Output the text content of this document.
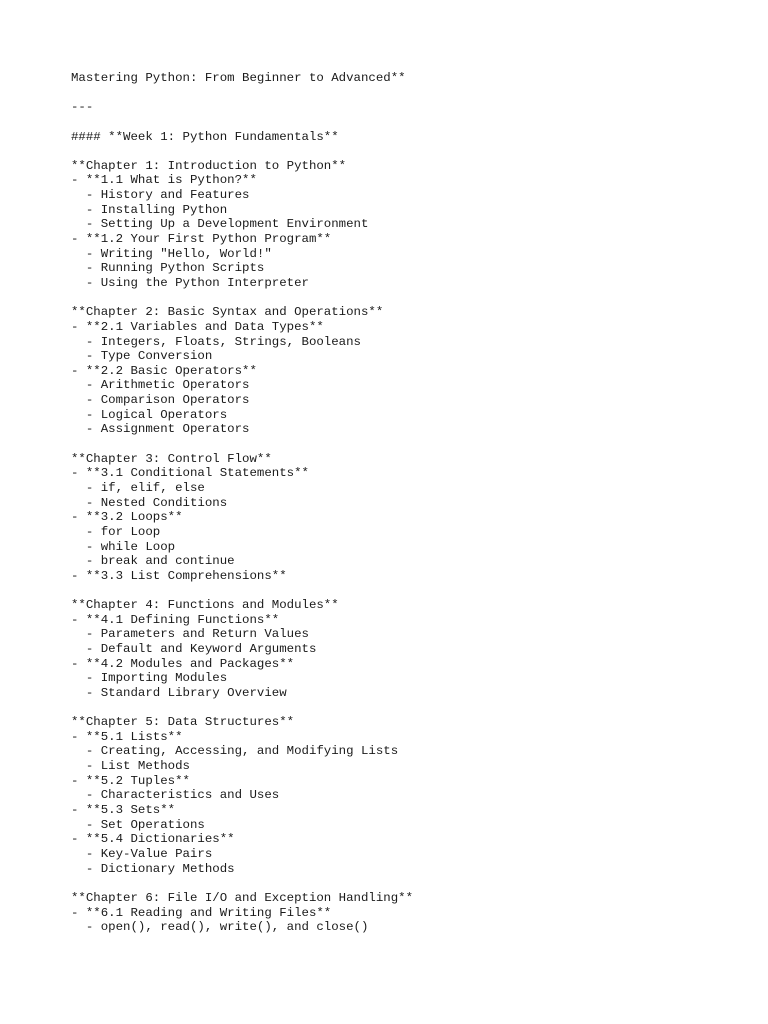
Mastering Python: From Beginner to Advanced**
---
#### **Week 1: Python Fundamentals**
**Chapter 1: Introduction to Python**
- **1.1 What is Python?**
- History and Features
- Installing Python
- Setting Up a Development Environment
- **1.2 Your First Python Program**
- Writing "Hello, World!"
- Running Python Scripts
- Using the Python Interpreter
**Chapter 2: Basic Syntax and Operations**
- **2.1 Variables and Data Types**
- Integers, Floats, Strings, Booleans
- Type Conversion
- **2.2 Basic Operators**
- Arithmetic Operators
- Comparison Operators
- Logical Operators
- Assignment Operators
**Chapter 3: Control Flow**
- **3.1 Conditional Statements**
- if, elif, else
- Nested Conditions
- **3.2 Loops**
- for Loop
- while Loop
- break and continue
- **3.3 List Comprehensions**
**Chapter 4: Functions and Modules**
- **4.1 Defining Functions**
- Parameters and Return Values
- Default and Keyword Arguments
- **4.2 Modules and Packages**
- Importing Modules
- Standard Library Overview
**Chapter 5: Data Structures**
- **5.1 Lists**
- Creating, Accessing, and Modifying Lists
- List Methods
- **5.2 Tuples**
- Characteristics and Uses
- **5.3 Sets**
- Set Operations
- **5.4 Dictionaries**
- Key-Value Pairs
- Dictionary Methods
**Chapter 6: File I/O and Exception Handling**
- **6.1 Reading and Writing Files**
- open(), read(), write(), and close()
